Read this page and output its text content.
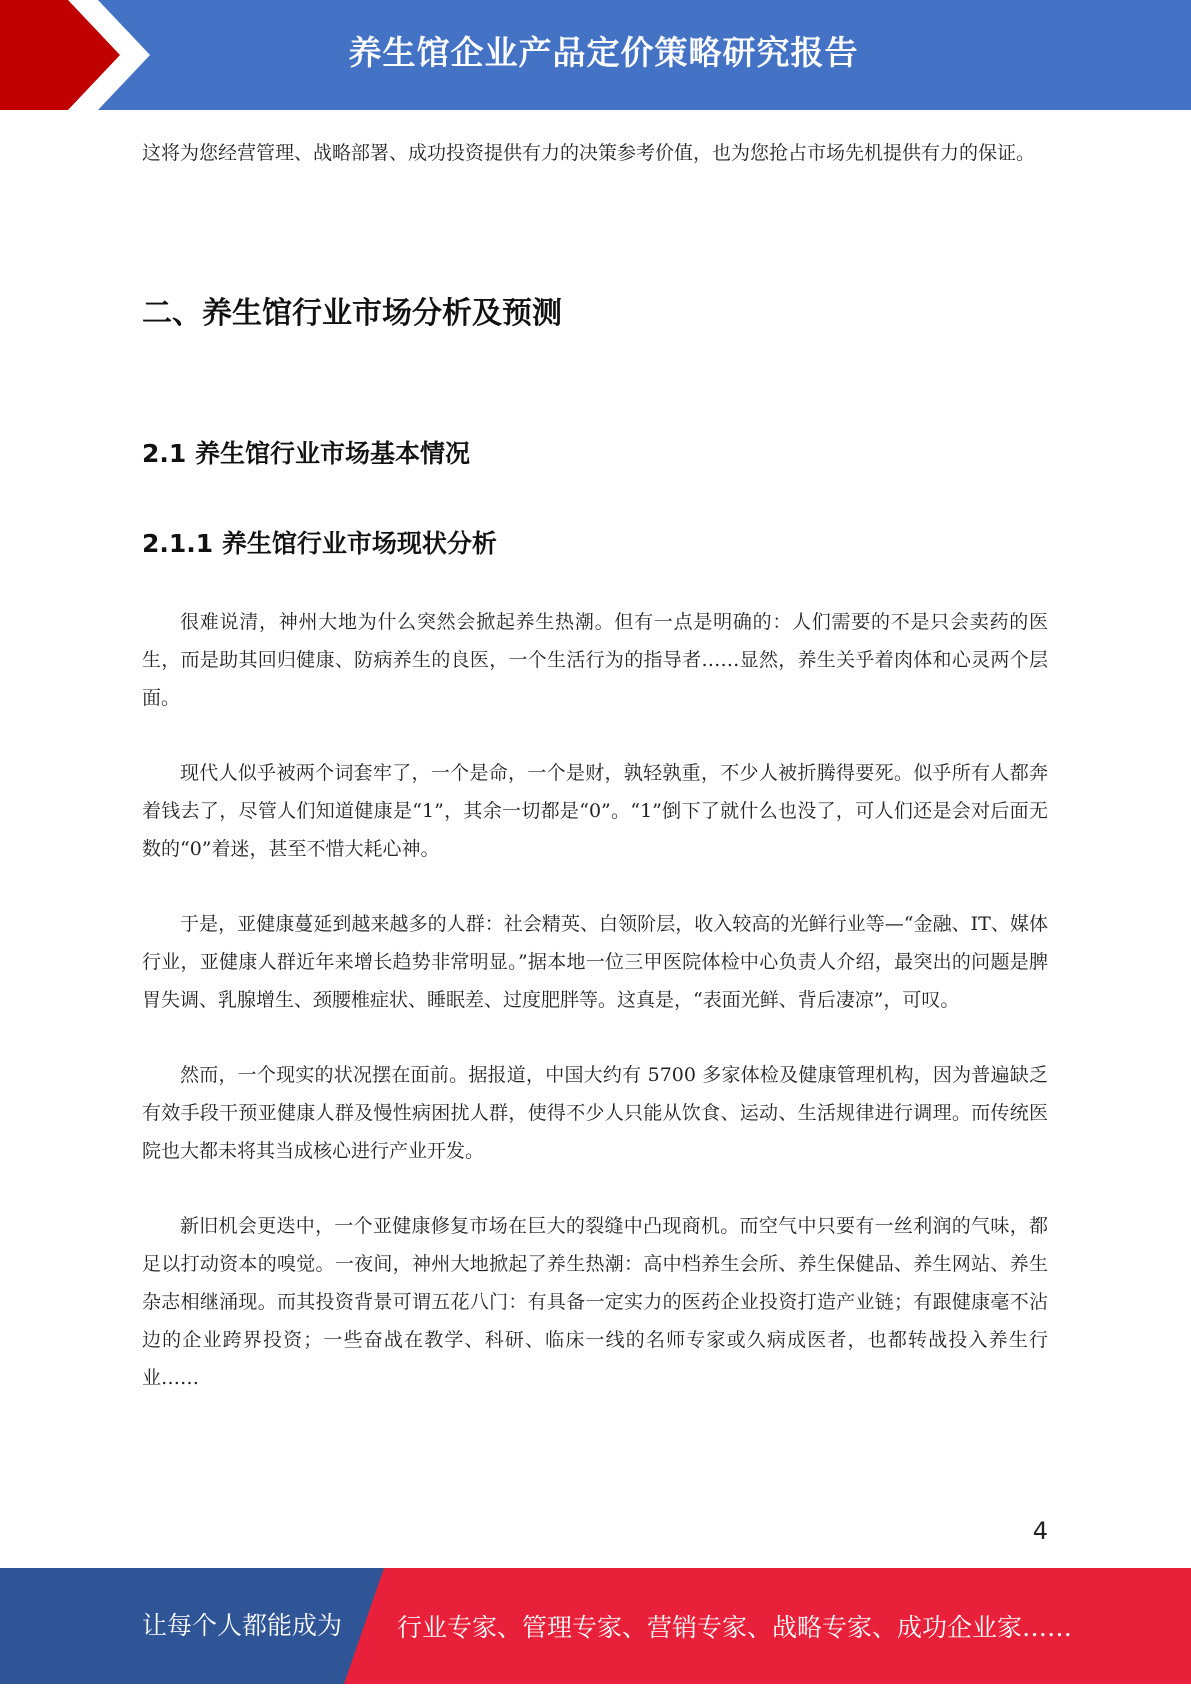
养生馆企业产品定价策略研究报告

这将为您经营管理、战略部署、成功投资提供有力的决策参考价值，也为您抢占市场先机提供有力的保证。

二、养生馆行业市场分析及预测
2.1 养生馆行业市场基本情况
2.1.1 养生馆行业市场现状分析

很难说清，神州大地为什么突然会掀起养生热潮。但有一点是明确的：人们需要的不是只会卖药的医生，而是助其回归健康、防病养生的良医，一个生活行为的指导者……显然，养生关乎着肉体和心灵两个层面。

现代人似乎被两个词套牢了，一个是命，一个是财，孰轻孰重，不少人被折腾得要死。似乎所有人都奔着钱去了，尽管人们知道健康是“1”，其余一切都是“0”。“1”倒下了就什么也没了，可人们还是会对后面无数的“0”着迷，甚至不惜大耗心神。

于是，亚健康蔓延到越来越多的人群：社会精英、白领阶层，收入较高的光鲜行业等—“金融、IT、媒体行业，亚健康人群近年来增长趋势非常明显。”据本地一位三甲医院体检中心负责人介绍，最突出的问题是脾胃失调、乳腺增生、颈腰椎症状、睡眠差、过度肥胖等。这真是，“表面光鲜、背后凄凉”，可叹。

然而，一个现实的状况摆在面前。据报道，中国大约有 5700 多家体检及健康管理机构，因为普遍缺乏有效手段干预亚健康人群及慢性病困扰人群，使得不少人只能从饮食、运动、生活规律进行调理。而传统医院也大都未将其当成核心进行产业开发。

新旧机会更迭中，一个亚健康修复市场在巨大的裂缝中凸现商机。而空气中只要有一丝利润的气味，都足以打动资本的嗅觉。一夜间，神州大地掀起了养生热潮：高中档养生会所、养生保健品、养生网站、养生杂志相继涌现。而其投资背景可谓五花八门：有具备一定实力的医药企业投资打造产业链；有跟健康毫不沾边的企业跨界投资；一些奋战在教学、科研、临床一线的名师专家或久病成医者，也都转战投入养生行业……

4
让每个人都能成为 行业专家、管理专家、营销专家、战略专家、成功企业家……
